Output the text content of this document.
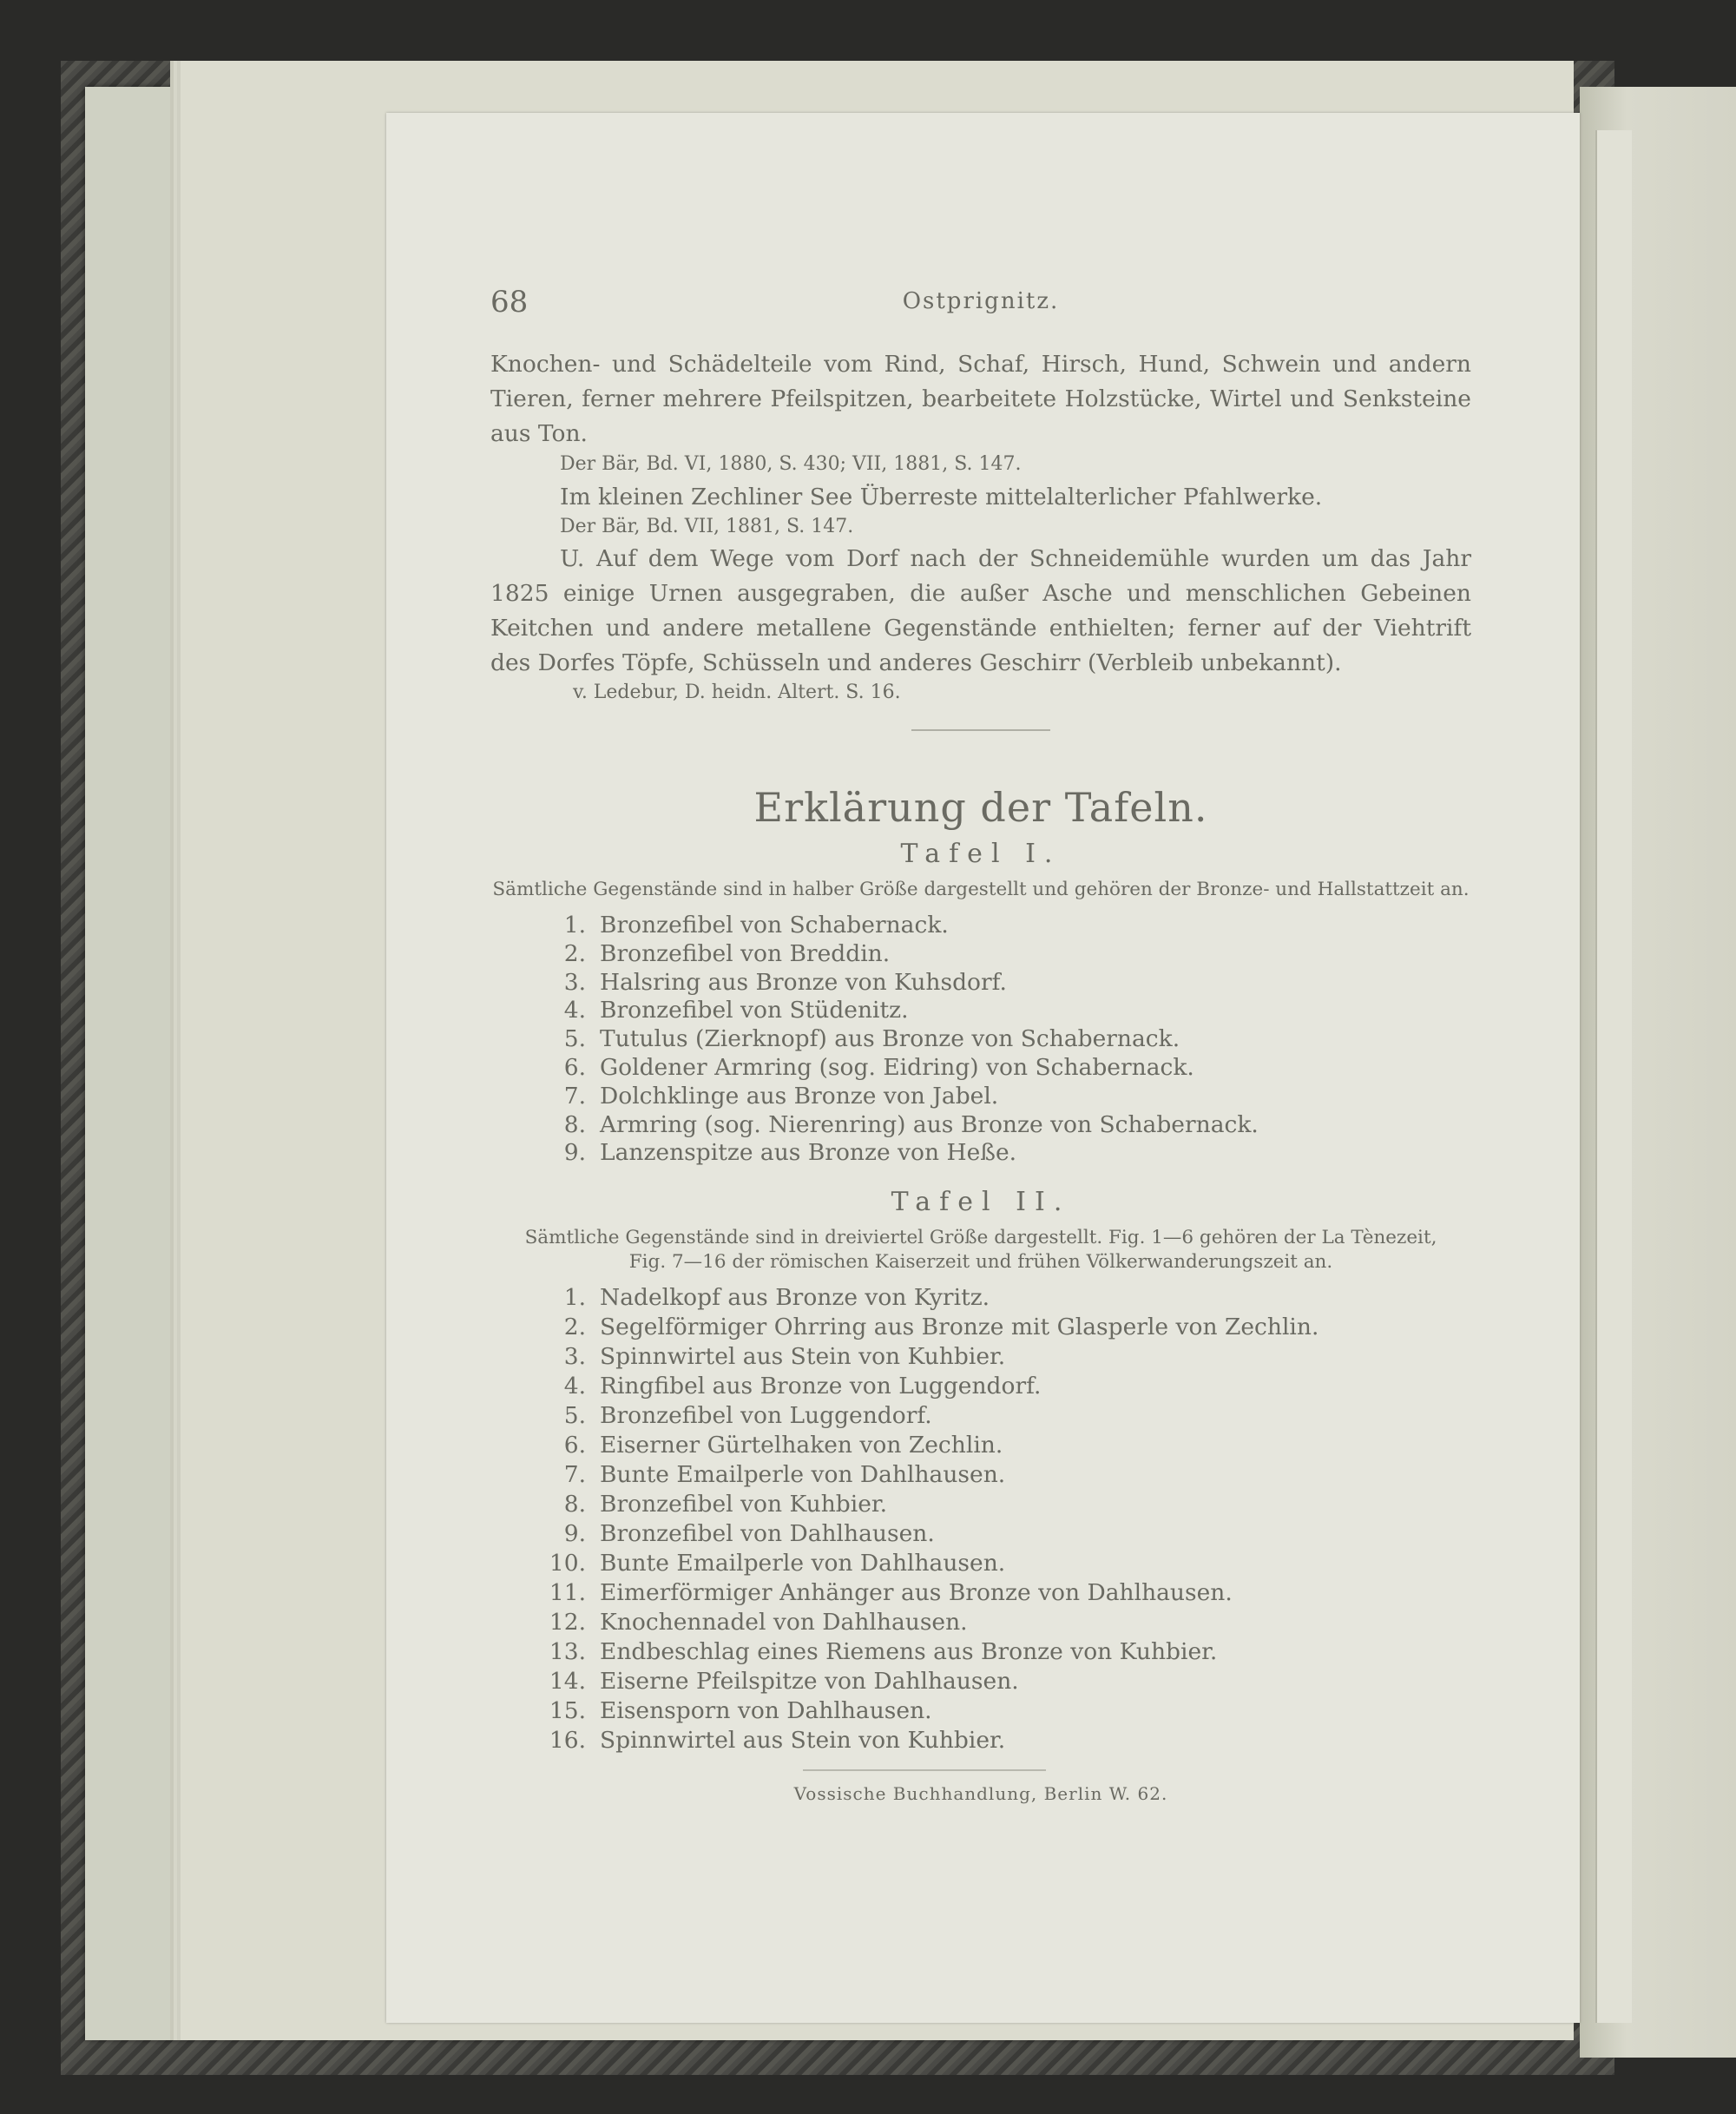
68	Ostprignitz.

Knochen- und Schädelteile vom Rind, Schaf, Hirsch, Hund, Schwein und andern Tieren, ferner mehrere Pfeilspitzen, bearbeitete Holzstücke, Wirtel und Senksteine aus Ton.

Der Bär, Bd. VI, 1880, S. 430; VII, 1881, S. 147.

Im kleinen Zechliner See Überreste mittelalterlicher Pfahlwerke.

Der Bär, Bd. VII, 1881, S. 147.

U. Auf dem Wege vom Dorf nach der Schneidemühle wurden um das Jahr 1825 einige Urnen ausgegraben, die außer Asche und menschlichen Gebeinen Keitchen und andere metallene Gegenstände enthielten; ferner auf der Viehtrift des Dorfes Töpfe, Schüsseln und anderes Geschirr (Verbleib unbekannt).

v. Ledebur, D. heidn. Altert. S. 16.
Erklärung der Tafeln.
Tafel I.
Sämtliche Gegenstände sind in halber Größe dargestellt und gehören der Bronze- und Hallstattzeit an.
1. Bronzefibel von Schabernack.
2. Bronzefibel von Breddin.
3. Halsring aus Bronze von Kuhsdorf.
4. Bronzefibel von Stüdenitz.
5. Tutulus (Zierknopf) aus Bronze von Schabernack.
6. Goldener Armring (sog. Eidring) von Schabernack.
7. Dolchklinge aus Bronze von Jabel.
8. Armring (sog. Nierenring) aus Bronze von Schabernack.
9. Lanzenspitze aus Bronze von Heße.
Tafel II.
Sämtliche Gegenstände sind in dreiviertel Größe dargestellt. Fig. 1—6 gehören der La Tènezeit,
Fig. 7—16 der römischen Kaiserzeit und frühen Völkerwanderungszeit an.
1. Nadelkopf aus Bronze von Kyritz.
2. Segelförmiger Ohrring aus Bronze mit Glasperle von Zechlin.
3. Spinnwirtel aus Stein von Kuhbier.
4. Ringfibel aus Bronze von Luggendorf.
5. Bronzefibel von Luggendorf.
6. Eiserner Gürtelhaken von Zechlin.
7. Bunte Emailperle von Dahlhausen.
8. Bronzefibel von Kuhbier.
9. Bronzefibel von Dahlhausen.
10. Bunte Emailperle von Dahlhausen.
11. Eimerförmiger Anhänger aus Bronze von Dahlhausen.
12. Knochennadel von Dahlhausen.
13. Endbeschlag eines Riemens aus Bronze von Kuhbier.
14. Eiserne Pfeilspitze von Dahlhausen.
15. Eisensporn von Dahlhausen.
16. Spinnwirtel aus Stein von Kuhbier.
Vossische Buchhandlung, Berlin W. 62.
